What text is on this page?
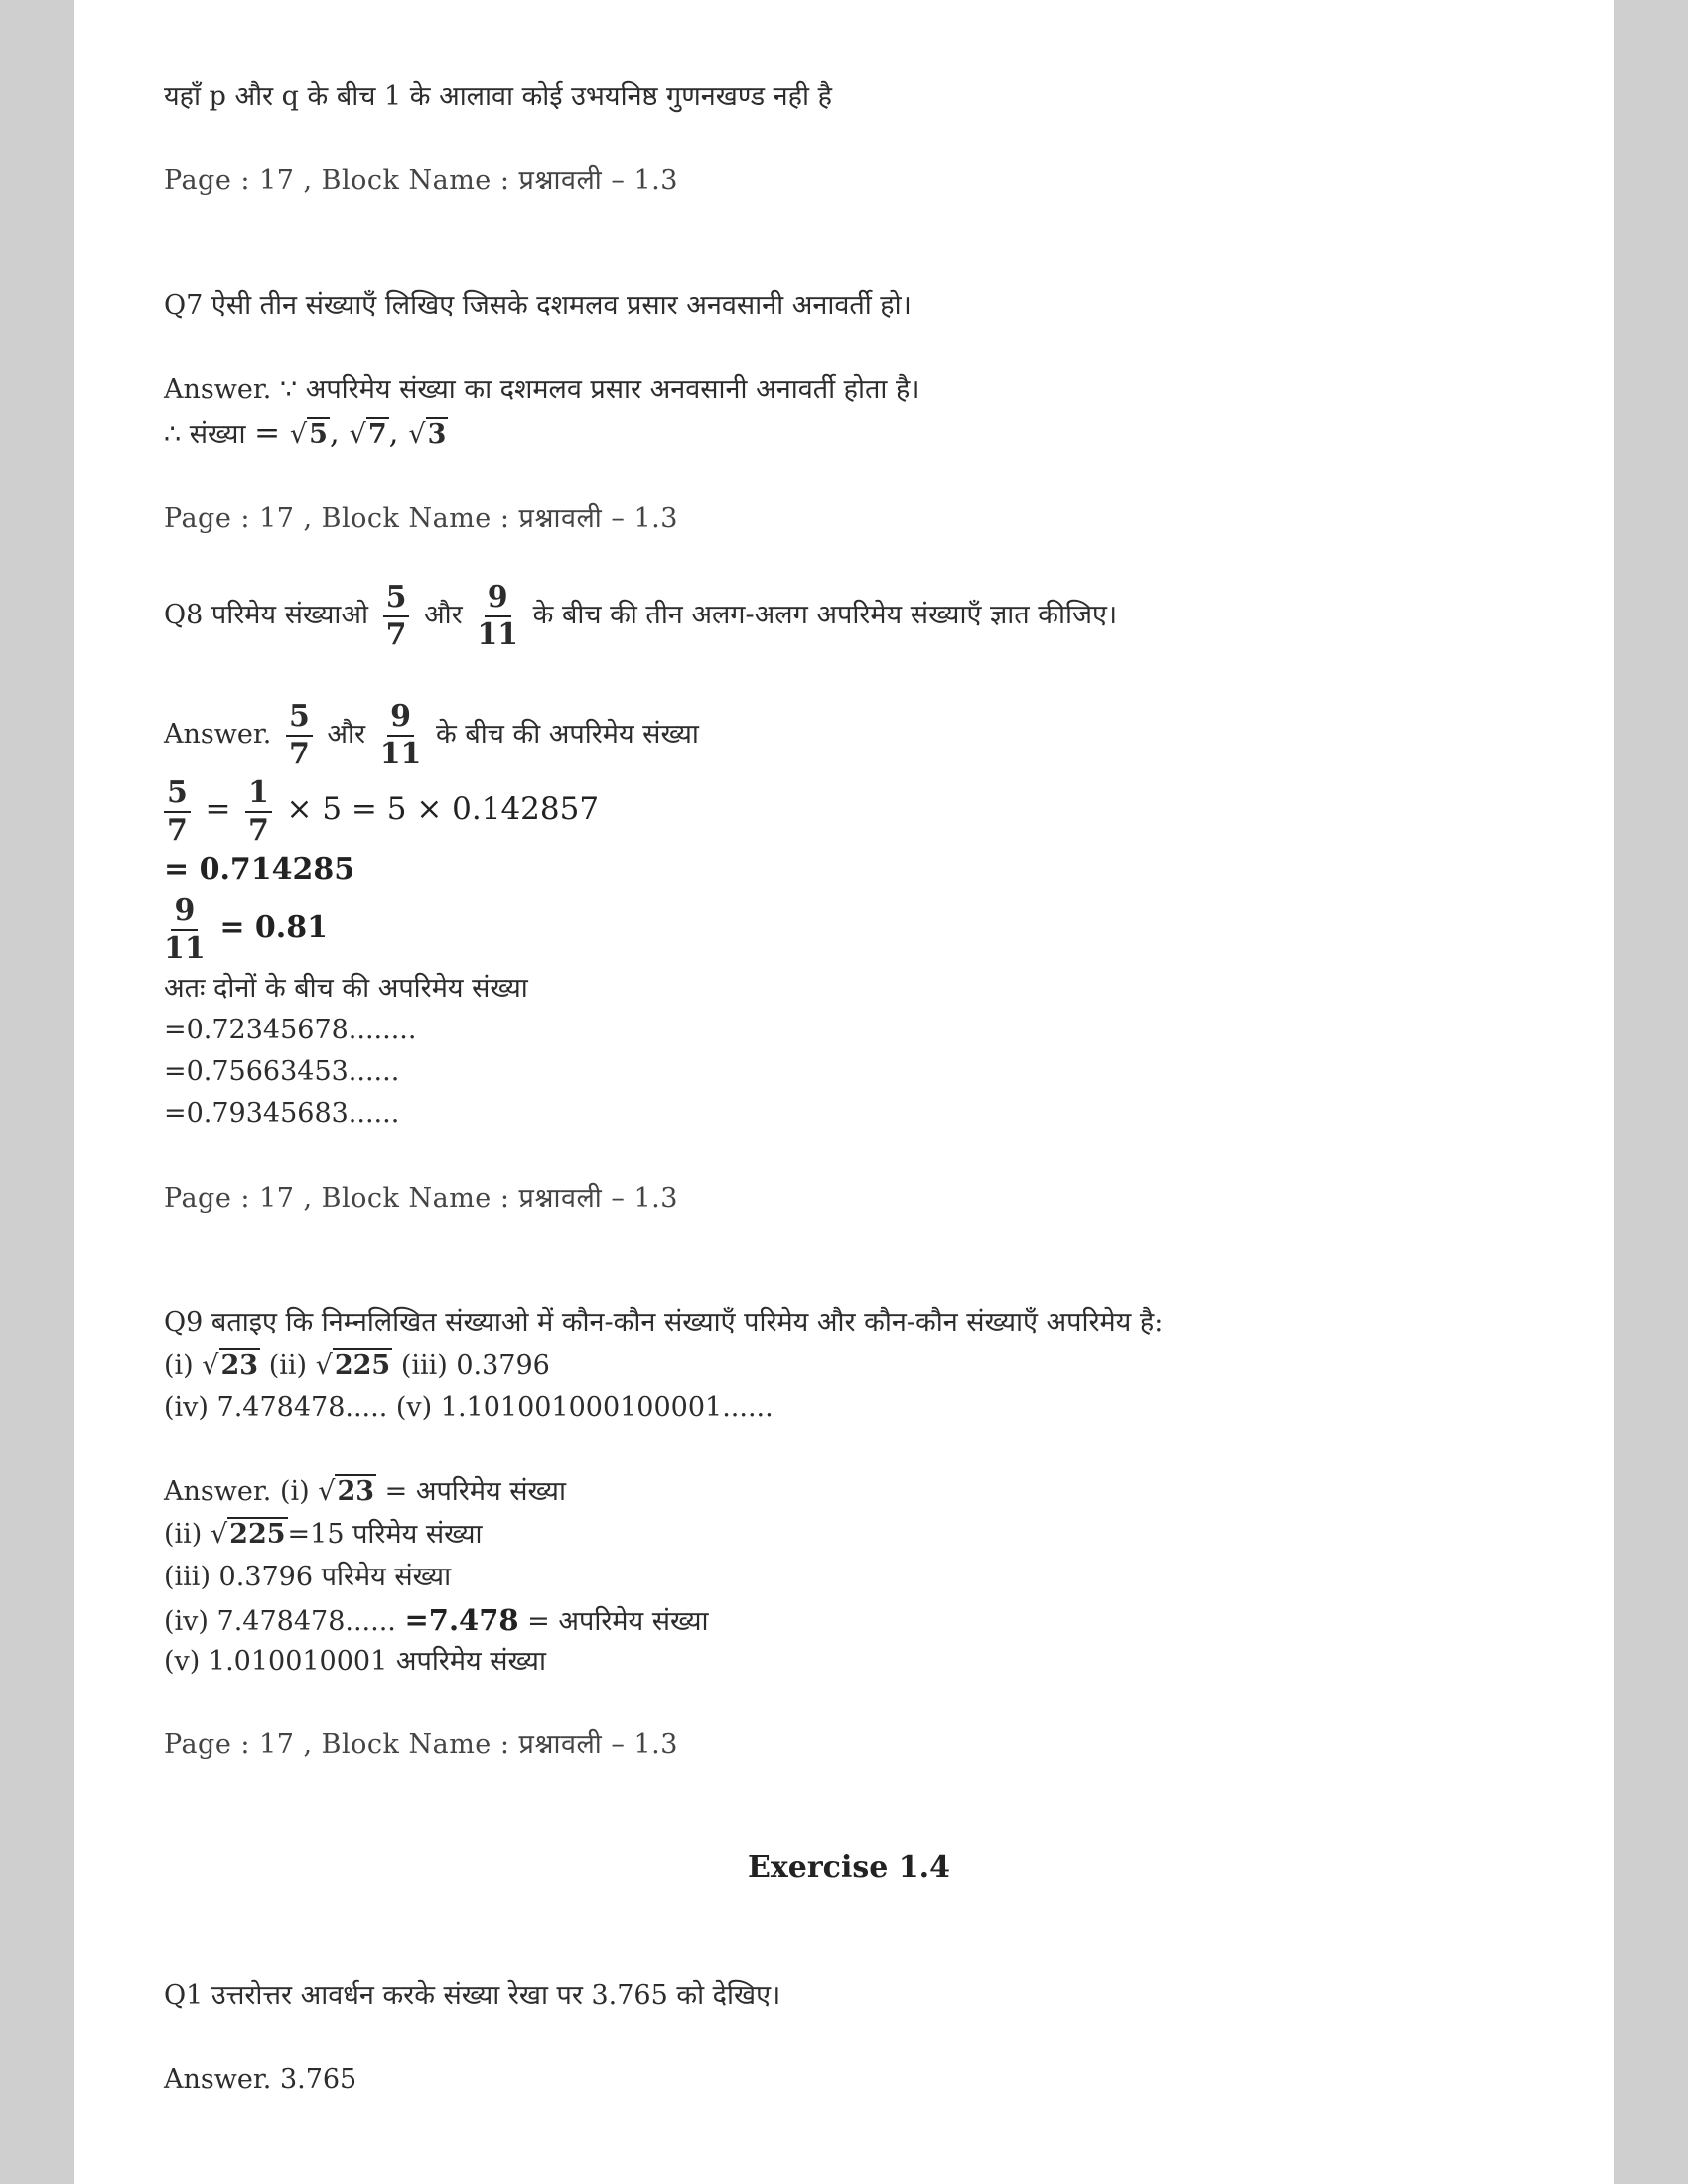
यहाँ p और q के बीच 1 के आलावा कोई उभयनिष्ठ गुणनखण्ड नही है
Page : 17 , Block Name : प्रश्नावली – 1.3
Q7 ऐसी तीन संख्याएँ लिखिए जिसके दशमलव प्रसार अनवसानी अनावर्ती हो।
Answer. ∵ अपरिमेय संख्या का दशमलव प्रसार अनवसानी अनावर्ती होता है।
∴ संख्या = √5, √7, √3
Page : 17 , Block Name : प्रश्नावली – 1.3
Q8 परिमेय संख्याओ $\frac{5}{7}$ और $\frac{9}{11}$ के बीच की तीन अलग-अलग अपरिमेय संख्याएँ ज्ञात कीजिए।
Answer. $\frac{5}{7}$ और $\frac{9}{11}$ के बीच की अपरिमेय संख्या
$\frac{5}{7} = \frac{1}{7} \times 5 = 5 \times 0.142857$
= 0.714285
$\frac{9}{11} = 0.81$
अतः दोनों के बीच की अपरिमेय संख्या
=0.72345678........
=0.75663453......
=0.79345683......
Page : 17 , Block Name : प्रश्नावली – 1.3
Q9 बताइए कि निम्नलिखित संख्याओ में कौन-कौन संख्याएँ परिमेय और कौन-कौन संख्याएँ अपरिमेय है:
(i) √23 (ii) √225 (iii) 0.3796
(iv) 7.478478..... (v) 1.101001000100001......
Answer. (i) √23 = अपरिमेय संख्या
(ii) √225=15 परिमेय संख्या
(iii) 0.3796 परिमेय संख्या
(iv) 7.478478...... =7.478 = अपरिमेय संख्या
(v) 1.010010001 अपरिमेय संख्या
Page : 17 , Block Name : प्रश्नावली – 1.3
Exercise 1.4
Q1 उत्तरोत्तर आवर्धन करके संख्या रेखा पर 3.765 को देखिए।
Answer. 3.765
